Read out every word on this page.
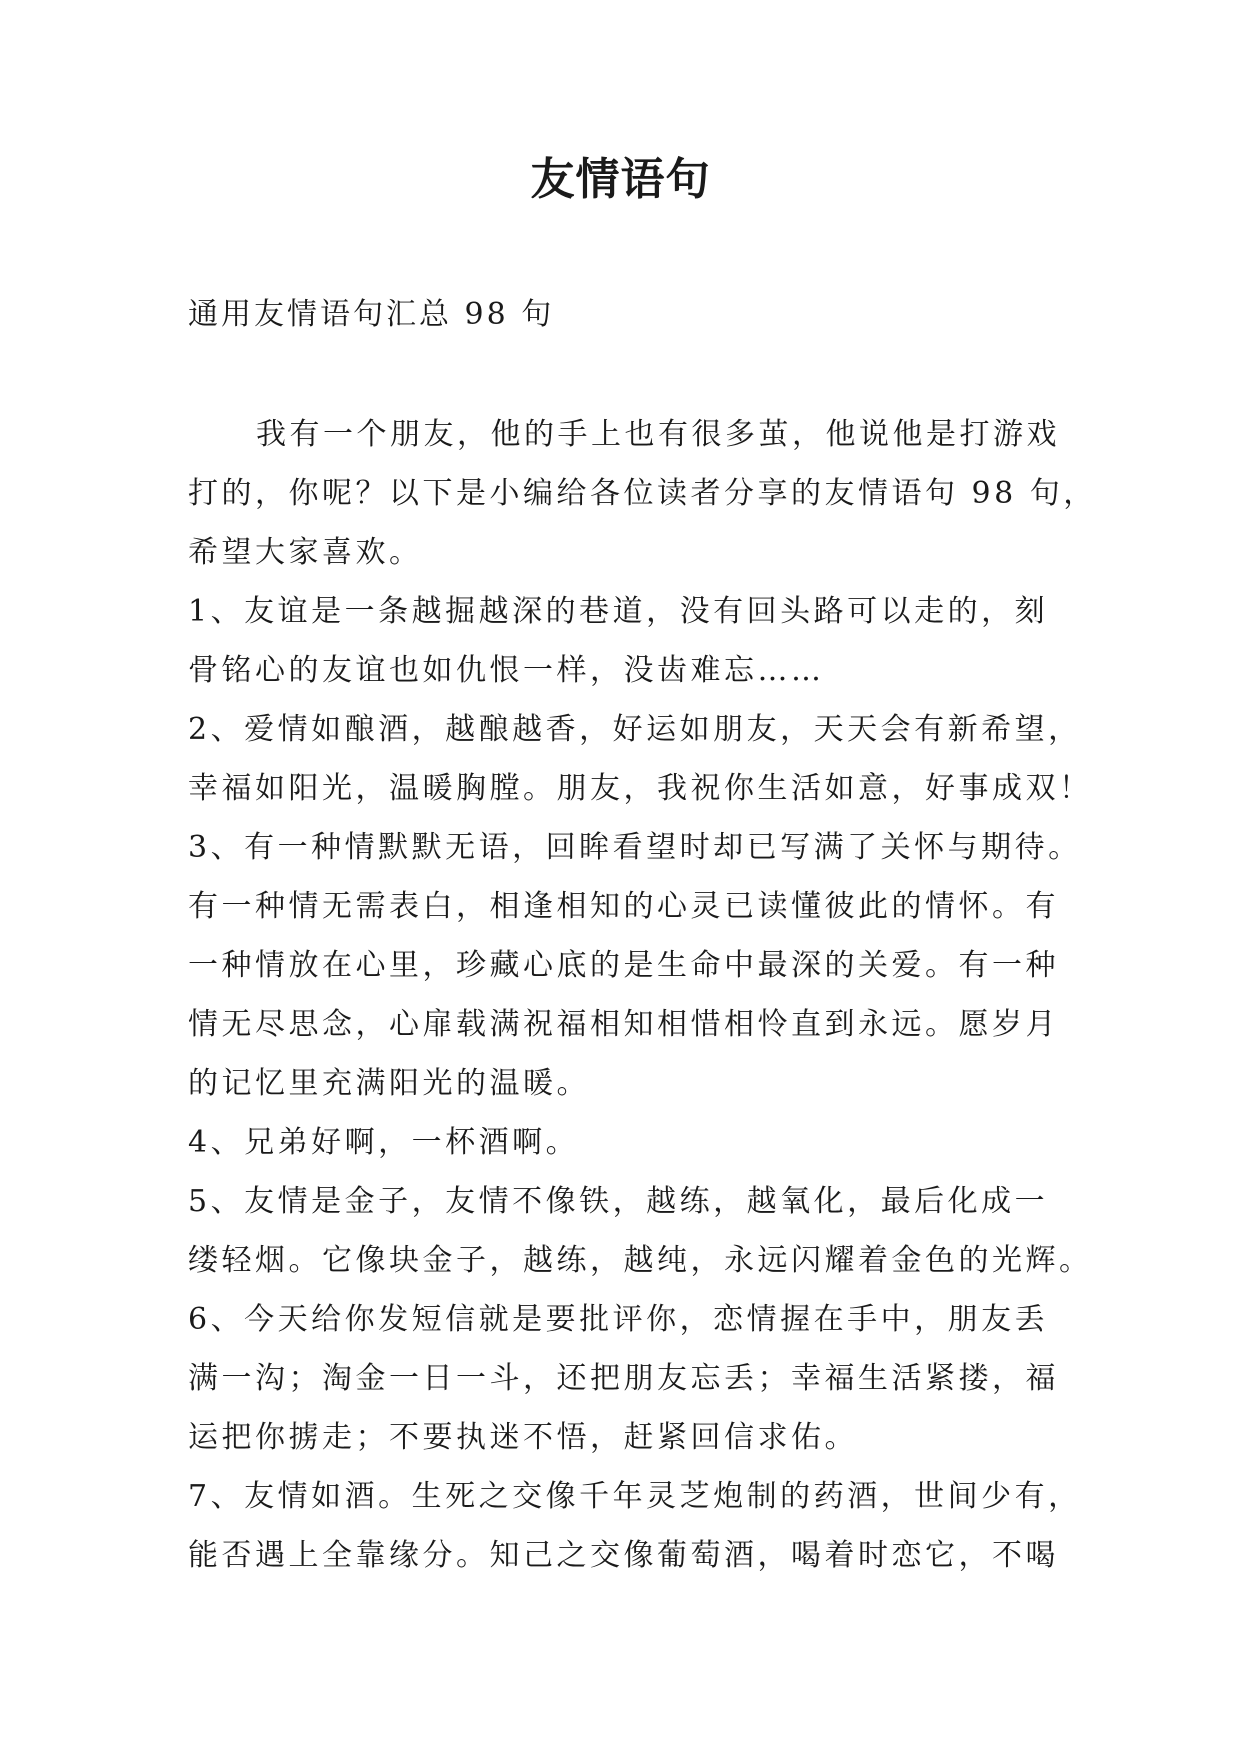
友情语句
通用友情语句汇总 98 句
我有一个朋友，他的手上也有很多茧，他说他是打游戏
打的，你呢？以下是小编给各位读者分享的友情语句 98 句，
希望大家喜欢。
1、友谊是一条越掘越深的巷道，没有回头路可以走的，刻
骨铭心的友谊也如仇恨一样，没齿难忘……
2、爱情如酿酒，越酿越香，好运如朋友，天天会有新希望，
幸福如阳光，温暖胸膛。朋友，我祝你生活如意，好事成双！
3、有一种情默默无语，回眸看望时却已写满了关怀与期待。
有一种情无需表白，相逢相知的心灵已读懂彼此的情怀。有
一种情放在心里，珍藏心底的是生命中最深的关爱。有一种
情无尽思念，心扉载满祝福相知相惜相怜直到永远。愿岁月
的记忆里充满阳光的温暖。
4、兄弟好啊，一杯酒啊。
5、友情是金子，友情不像铁，越练，越氧化，最后化成一
缕轻烟。它像块金子，越练，越纯，永远闪耀着金色的光辉。
6、今天给你发短信就是要批评你，恋情握在手中，朋友丢
满一沟；淘金一日一斗，还把朋友忘丢；幸福生活紧搂，福
运把你掳走；不要执迷不悟，赶紧回信求佑。
7、友情如酒。生死之交像千年灵芝炮制的药酒，世间少有，
能否遇上全靠缘分。知己之交像葡萄酒，喝着时恋它，不喝
